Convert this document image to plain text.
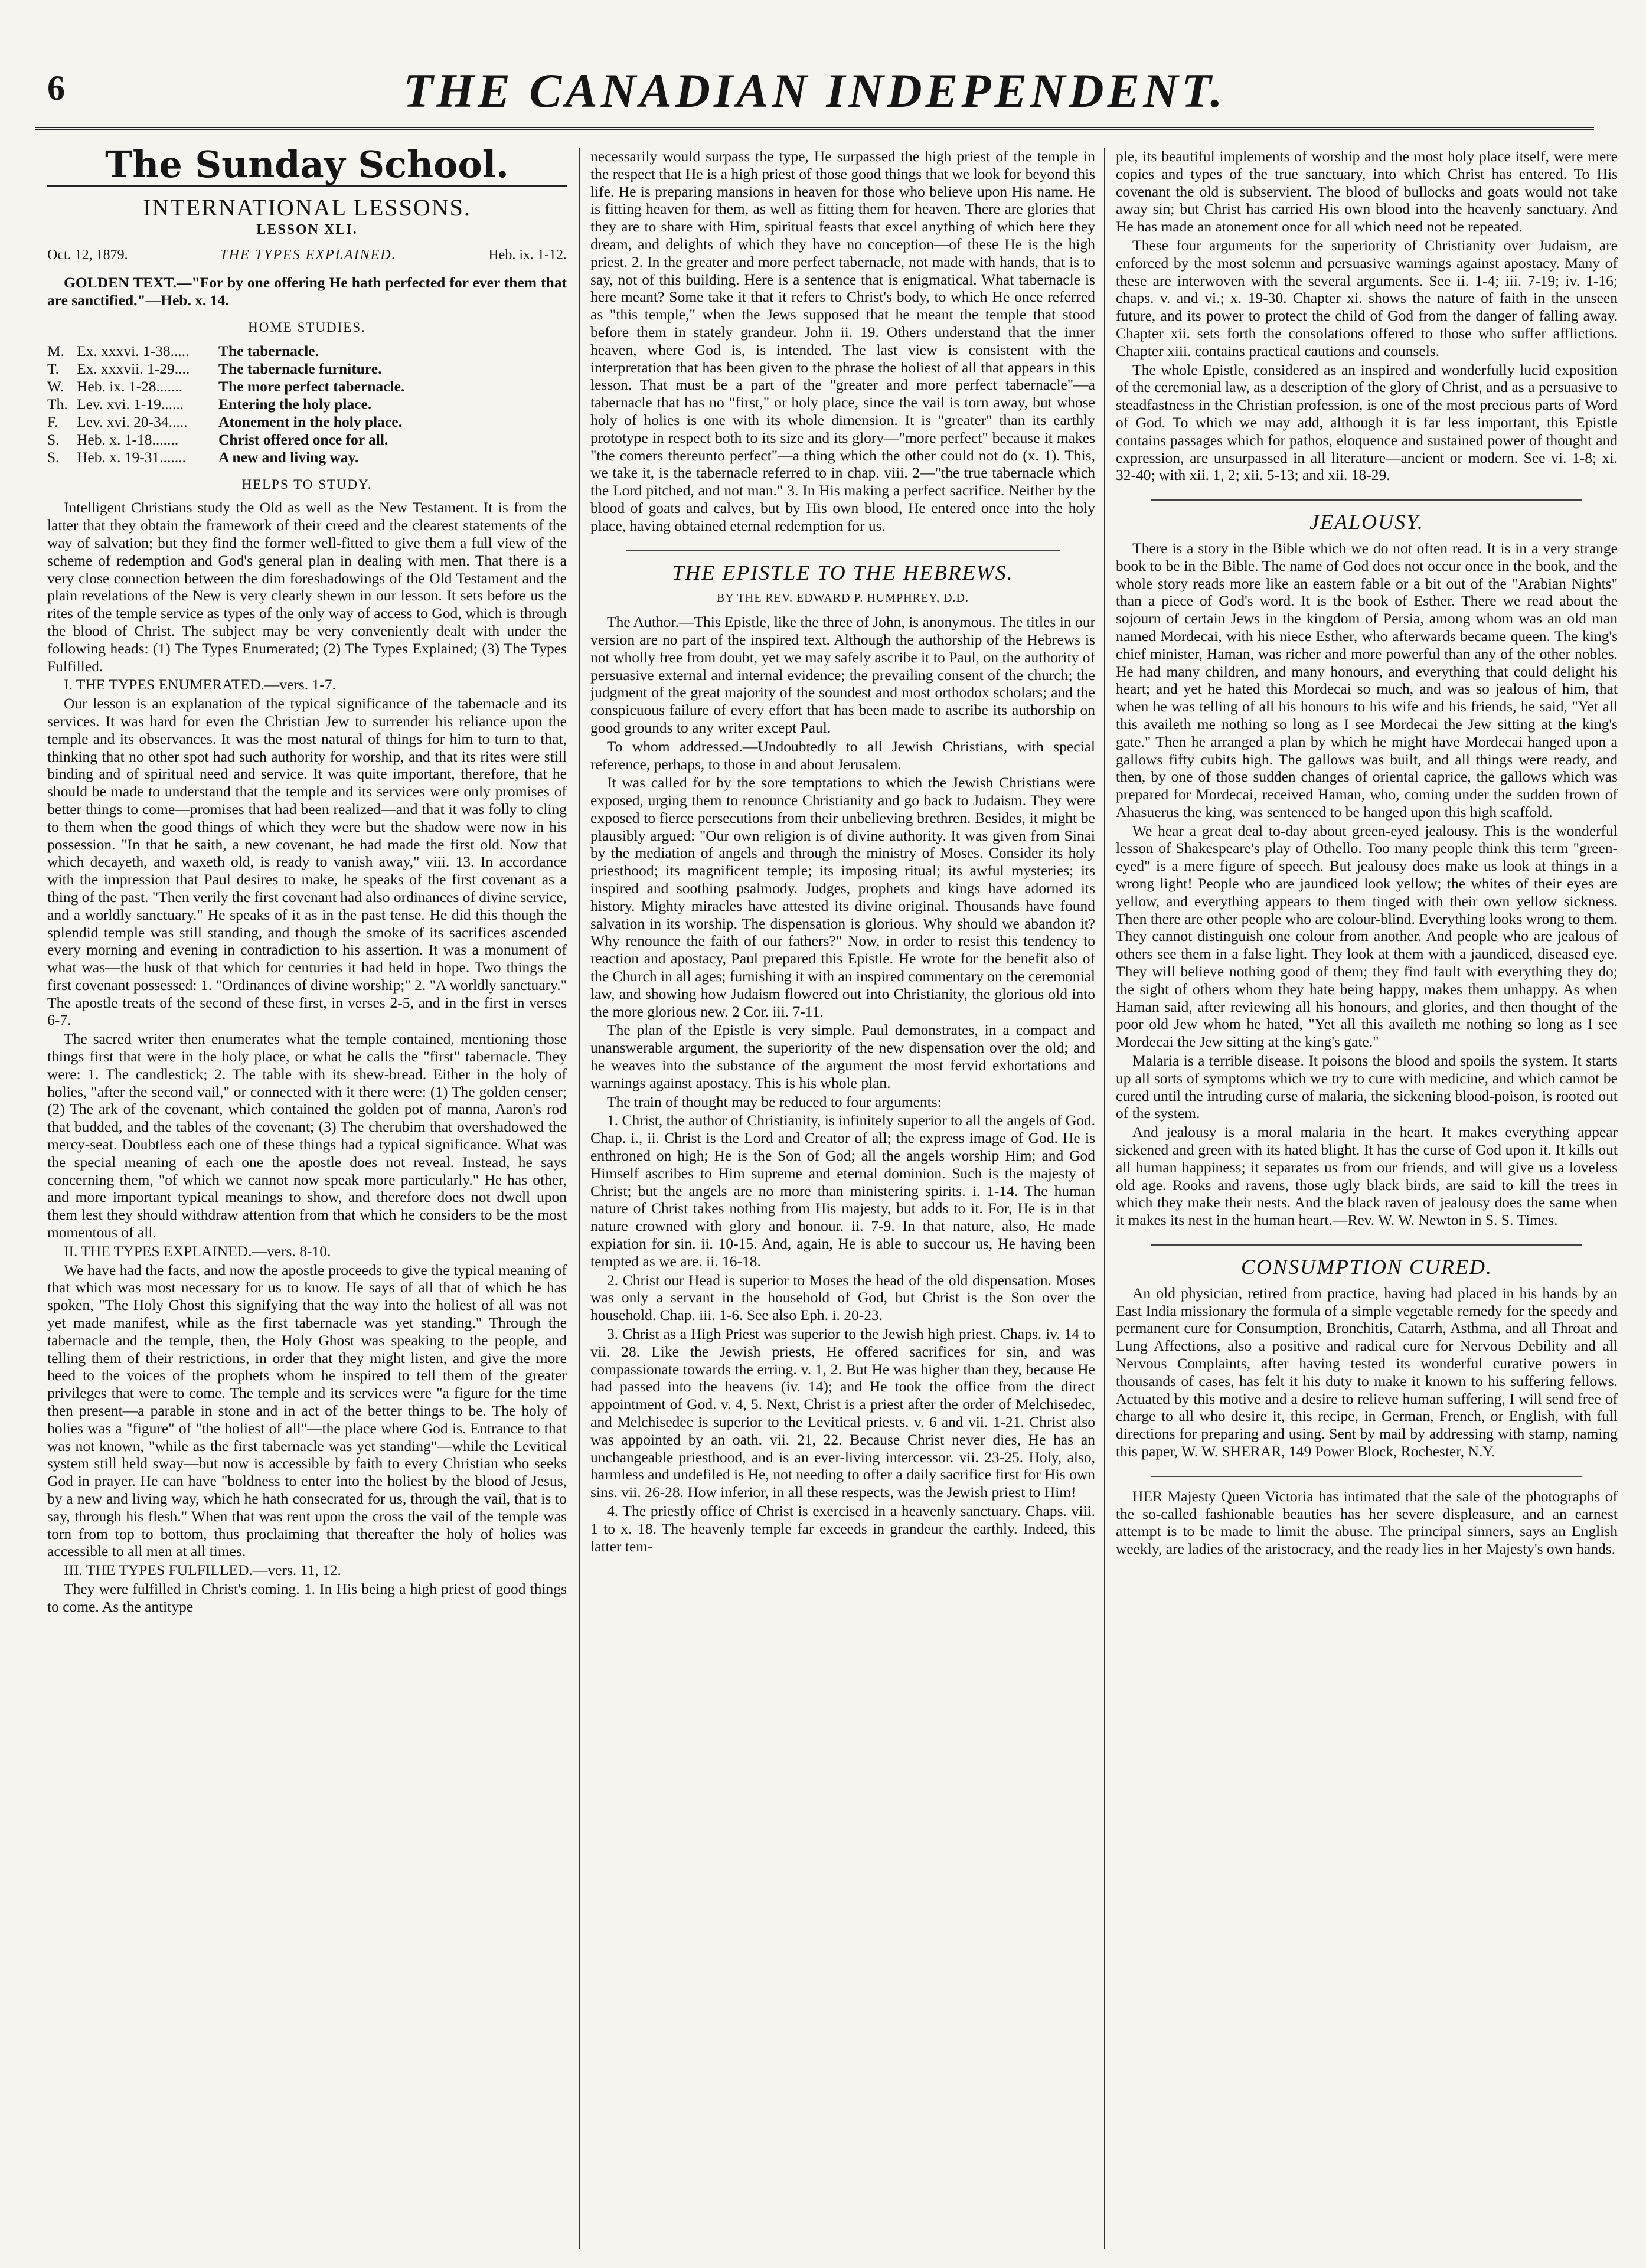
6	THE CANADIAN INDEPENDENT.
The Sunday School.
INTERNATIONAL LESSONS.
LESSON XLI.
Oct. 12, 1879.	THE TYPES EXPLAINED.	Heb. ix. 1-12.

GOLDEN TEXT.—"For by one offering He hath perfected for ever them that are sanctified."—Heb. x. 14.

HOME STUDIES.
M. Ex. xxxvi. 1-38.....	The tabernacle.
T.	Ex. xxxvii. 1-29....	The tabernacle furniture.
W. Heb. ix. 1-28.......	The more perfect tabernacle.
Th. Lev. xvi. 1-19......	Entering the holy place.
F.	Lev. xvi. 20-34.....	Atonement in the holy place.
S.	Heb. x. 1-18.......	Christ offered once for all.
S.	Heb. x. 19-31.......	A new and living way.
HELPS TO STUDY.

Intelligent Christians study the Old as well as the New Testament. It is from the latter that they obtain the framework of their creed and the clearest statements of the way of salvation; but they find the former well-fitted to give them a full view of the scheme of redemption and God's general plan in dealing with men. That there is a very close connection between the dim foreshadowings of the Old Testament and the plain revelations of the New is very clearly shewn in our lesson. It sets before us the rites of the temple service as types of the only way of access to God, which is through the blood of Christ. The subject may be very conveniently dealt with under the following heads: (1) The Types Enumerated; (2) The Types Explained; (3) The Types Fulfilled.

I. THE TYPES ENUMERATED.—vers. 1-7.

Our lesson is an explanation of the typical significance of the tabernacle and its services. It was hard for even the Christian Jew to surrender his reliance upon the temple and its observances. It was the most natural of things for him to turn to that, thinking that no other spot had such authority for worship, and that its rites were still binding and of spiritual need and service. It was quite important, therefore, that he should be made to understand that the temple and its services were only promises of better things to come—promises that had been realized—and that it was folly to cling to them when the good things of which they were but the shadow were now in his possession. "In that he saith, a new covenant, he had made the first old. Now that which decayeth, and waxeth old, is ready to vanish away," viii. 13. In accordance with the impression that Paul desires to make, he speaks of the first covenant as a thing of the past. "Then verily the first covenant had also ordinances of divine service, and a worldly sanctuary." He speaks of it as in the past tense. He did this though the splendid temple was still standing, and though the smoke of its sacrifices ascended every morning and evening in contradiction to his assertion. It was a monument of what was—the husk of that which for centuries it had held in hope. Two things the first covenant possessed: 1. "Ordinances of divine worship;" 2. "A worldly sanctuary." The apostle treats of the second of these first, in verses 2-5, and in the first in verses 6-7.

The sacred writer then enumerates what the temple contained, mentioning those things first that were in the holy place, or what he calls the "first" tabernacle. They were: 1. The candlestick; 2. The table with its shew-bread. Either in the holy of holies, "after the second vail," or connected with it there were: (1) The golden censer; (2) The ark of the covenant, which contained the golden pot of manna, Aaron's rod that budded, and the tables of the covenant; (3) The cherubim that overshadowed the mercy-seat. Doubtless each one of these things had a typical significance. What was the special meaning of each one the apostle does not reveal. Instead, he says concerning them, "of which we cannot now speak more particularly." He has other, and more important typical meanings to show, and therefore does not dwell upon them lest they should withdraw attention from that which he considers to be the most momentous of all.

II. THE TYPES EXPLAINED.—vers. 8-10.

We have had the facts, and now the apostle proceeds to give the typical meaning of that which was most necessary for us to know. He says of all that of which he has spoken, "The Holy Ghost this signifying that the way into the holiest of all was not yet made manifest, while as the first tabernacle was yet standing." Through the tabernacle and the temple, then, the Holy Ghost was speaking to the people, and telling them of their restrictions, in order that they might listen, and give the more heed to the voices of the prophets whom he inspired to tell them of the greater privileges that were to come. The temple and its services were "a figure for the time then present—a parable in stone and in act of the better things to be. The holy of holies was a "figure" of "the holiest of all"—the place where God is. Entrance to that was not known, "while as the first tabernacle was yet standing"—while the Levitical system still held sway—but now is accessible by faith to every Christian who seeks God in prayer. He can have "boldness to enter into the holiest by the blood of Jesus, by a new and living way, which he hath consecrated for us, through the vail, that is to say, through his flesh." When that was rent upon the cross the vail of the temple was torn from top to bottom, thus proclaiming that thereafter the holy of holies was accessible to all men at all times.

III. THE TYPES FULFILLED.—vers. 11, 12.

They were fulfilled in Christ's coming. 1. In His being a high priest of good things to come. As the antitype

necessarily would surpass the type, He surpassed the high priest of the temple in the respect that He is a high priest of those good things that we look for beyond this life. He is preparing mansions in heaven for those who believe upon His name. He is fitting heaven for them, as well as fitting them for heaven. There are glories that they are to share with Him, spiritual feasts that excel anything of which here they dream, and delights of which they have no conception—of these He is the high priest. 2. In the greater and more perfect tabernacle, not made with hands, that is to say, not of this building. Here is a sentence that is enigmatical. What tabernacle is here meant? Some take it that it refers to Christ's body, to which He once referred as "this temple," when the Jews supposed that he meant the temple that stood before them in stately grandeur. John ii. 19. Others understand that the inner heaven, where God is, is intended. The last view is consistent with the interpretation that has been given to the phrase the holiest of all that appears in this lesson. That must be a part of the "greater and more perfect tabernacle"—a tabernacle that has no "first," or holy place, since the vail is torn away, but whose holy of holies is one with its whole dimension. It is "greater" than its earthly prototype in respect both to its size and its glory—"more perfect" because it makes "the comers thereunto perfect"—a thing which the other could not do (x. 1). This, we take it, is the tabernacle referred to in chap. viii. 2—"the true tabernacle which the Lord pitched, and not man." 3. In His making a perfect sacrifice. Neither by the blood of goats and calves, but by His own blood, He entered once into the holy place, having obtained eternal redemption for us.

THE EPISTLE TO THE HEBREWS.
BY THE REV. EDWARD P. HUMPHREY, D.D.

The Author.—This Epistle, like the three of John, is anonymous. The titles in our version are no part of the inspired text. Although the authorship of the Hebrews is not wholly free from doubt, yet we may safely ascribe it to Paul, on the authority of persuasive external and internal evidence; the prevailing consent of the church; the judgment of the great majority of the soundest and most orthodox scholars; and the conspicuous failure of every effort that has been made to ascribe its authorship on good grounds to any writer except Paul.

To whom addressed.—Undoubtedly to all Jewish Christians, with special reference, perhaps, to those in and about Jerusalem.

It was called for by the sore temptations to which the Jewish Christians were exposed, urging them to renounce Christianity and go back to Judaism. They were exposed to fierce persecutions from their unbelieving brethren. Besides, it might be plausibly argued: "Our own religion is of divine authority. It was given from Sinai by the mediation of angels and through the ministry of Moses. Consider its holy priesthood; its magnificent temple; its imposing ritual; its awful mysteries; its inspired and soothing psalmody. Judges, prophets and kings have adorned its history. Mighty miracles have attested its divine original. Thousands have found salvation in its worship. The dispensation is glorious. Why should we abandon it? Why renounce the faith of our fathers?" Now, in order to resist this tendency to reaction and apostacy, Paul prepared this Epistle. He wrote for the benefit also of the Church in all ages; furnishing it with an inspired commentary on the ceremonial law, and showing how Judaism flowered out into Christianity, the glorious old into the more glorious new. 2 Cor. iii. 7-11.

The plan of the Epistle is very simple. Paul demonstrates, in a compact and unanswerable argument, the superiority of the new dispensation over the old; and he weaves into the substance of the argument the most fervid exhortations and warnings against apostacy. This is his whole plan.

The train of thought may be reduced to four arguments:

1. Christ, the author of Christianity, is infinitely superior to all the angels of God. Chap. i., ii. Christ is the Lord and Creator of all; the express image of God. He is enthroned on high; He is the Son of God; all the angels worship Him; and God Himself ascribes to Him supreme and eternal dominion. Such is the majesty of Christ; but the angels are no more than ministering spirits. i. 1-14. The human nature of Christ takes nothing from His majesty, but adds to it. For, He is in that nature crowned with glory and honour. ii. 7-9. In that nature, also, He made expiation for sin. ii. 10-15. And, again, He is able to succour us, He having been tempted as we are. ii. 16-18.

2. Christ our Head is superior to Moses the head of the old dispensation. Moses was only a servant in the household of God, but Christ is the Son over the household. Chap. iii. 1-6. See also Eph. i. 20-23.

3. Christ as a High Priest was superior to the Jewish high priest. Chaps. iv. 14 to vii. 28. Like the Jewish priests, He offered sacrifices for sin, and was compassionate towards the erring. v. 1, 2. But He was higher than they, because He had passed into the heavens (iv. 14); and He took the office from the direct appointment of God. v. 4, 5. Next, Christ is a priest after the order of Melchisedec, and Melchisedec is superior to the Levitical priests. v. 6 and vii. 1-21. Christ also was appointed by an oath. vii. 21, 22. Because Christ never dies, He has an unchangeable priesthood, and is an ever-living intercessor. vii. 23-25. Holy, also, harmless and undefiled is He, not needing to offer a daily sacrifice first for His own sins. vii. 26-28. How inferior, in all these respects, was the Jewish priest to Him!

4. The priestly office of Christ is exercised in a heavenly sanctuary. Chaps. viii. 1 to x. 18. The heavenly temple far exceeds in grandeur the earthly. Indeed, this latter tem-

ple, its beautiful implements of worship and the most holy place itself, were mere copies and types of the true sanctuary, into which Christ has entered. To His covenant the old is subservient. The blood of bullocks and goats would not take away sin; but Christ has carried His own blood into the heavenly sanctuary. And He has made an atonement once for all which need not be repeated.

These four arguments for the superiority of Christianity over Judaism, are enforced by the most solemn and persuasive warnings against apostacy. Many of these are interwoven with the several arguments. See ii. 1-4; iii. 7-19; iv. 1-16; chaps. v. and vi.; x. 19-30. Chapter xi. shows the nature of faith in the unseen future, and its power to protect the child of God from the danger of falling away. Chapter xii. sets forth the consolations offered to those who suffer afflictions. Chapter xiii. contains practical cautions and counsels.

The whole Epistle, considered as an inspired and wonderfully lucid exposition of the ceremonial law, as a description of the glory of Christ, and as a persuasive to steadfastness in the Christian profession, is one of the most precious parts of Word of God. To which we may add, although it is far less important, this Epistle contains passages which for pathos, eloquence and sustained power of thought and expression, are unsurpassed in all literature—ancient or modern. See vi. 1-8; xi. 32-40; with xii. 1, 2; xii. 5-13; and xii. 18-29.

JEALOUSY.

There is a story in the Bible which we do not often read. It is in a very strange book to be in the Bible. The name of God does not occur once in the book, and the whole story reads more like an eastern fable or a bit out of the "Arabian Nights" than a piece of God's word. It is the book of Esther. There we read about the sojourn of certain Jews in the kingdom of Persia, among whom was an old man named Mordecai, with his niece Esther, who afterwards became queen. The king's chief minister, Haman, was richer and more powerful than any of the other nobles. He had many children, and many honours, and everything that could delight his heart; and yet he hated this Mordecai so much, and was so jealous of him, that when he was telling of all his honours to his wife and his friends, he said, "Yet all this availeth me nothing so long as I see Mordecai the Jew sitting at the king's gate." Then he arranged a plan by which he might have Mordecai hanged upon a gallows fifty cubits high. The gallows was built, and all things were ready, and then, by one of those sudden changes of oriental caprice, the gallows which was prepared for Mordecai, received Haman, who, coming under the sudden frown of Ahasuerus the king, was sentenced to be hanged upon this high scaffold.

We hear a great deal to-day about green-eyed jealousy. This is the wonderful lesson of Shakespeare's play of Othello. Too many people think this term "green-eyed" is a mere figure of speech. But jealousy does make us look at things in a wrong light! People who are jaundiced look yellow; the whites of their eyes are yellow, and everything appears to them tinged with their own yellow sickness. Then there are other people who are colour-blind. Everything looks wrong to them. They cannot distinguish one colour from another. And people who are jealous of others see them in a false light. They look at them with a jaundiced, diseased eye. They will believe nothing good of them; they find fault with everything they do; the sight of others whom they hate being happy, makes them unhappy. As when Haman said, after reviewing all his honours, and glories, and then thought of the poor old Jew whom he hated, "Yet all this availeth me nothing so long as I see Mordecai the Jew sitting at the king's gate."

Malaria is a terrible disease. It poisons the blood and spoils the system. It starts up all sorts of symptoms which we try to cure with medicine, and which cannot be cured until the intruding curse of malaria, the sickening blood-poison, is rooted out of the system.

And jealousy is a moral malaria in the heart. It makes everything appear sickened and green with its hated blight. It has the curse of God upon it. It kills out all human happiness; it separates us from our friends, and will give us a loveless old age. Rooks and ravens, those ugly black birds, are said to kill the trees in which they make their nests. And the black raven of jealousy does the same when it makes its nest in the human heart.—Rev. W. W. Newton in S. S. Times.

CONSUMPTION CURED.

An old physician, retired from practice, having had placed in his hands by an East India missionary the formula of a simple vegetable remedy for the speedy and permanent cure for Consumption, Bronchitis, Catarrh, Asthma, and all Throat and Lung Affections, also a positive and radical cure for Nervous Debility and all Nervous Complaints, after having tested its wonderful curative powers in thousands of cases, has felt it his duty to make it known to his suffering fellows. Actuated by this motive and a desire to relieve human suffering, I will send free of charge to all who desire it, this recipe, in German, French, or English, with full directions for preparing and using. Sent by mail by addressing with stamp, naming this paper, W. W. SHERAR, 149 Power Block, Rochester, N.Y.

HER Majesty Queen Victoria has intimated that the sale of the photographs of the so-called fashionable beauties has her severe displeasure, and an earnest attempt is to be made to limit the abuse. The principal sinners, says an English weekly, are ladies of the aristocracy, and the ready lies in her Majesty's own hands.
